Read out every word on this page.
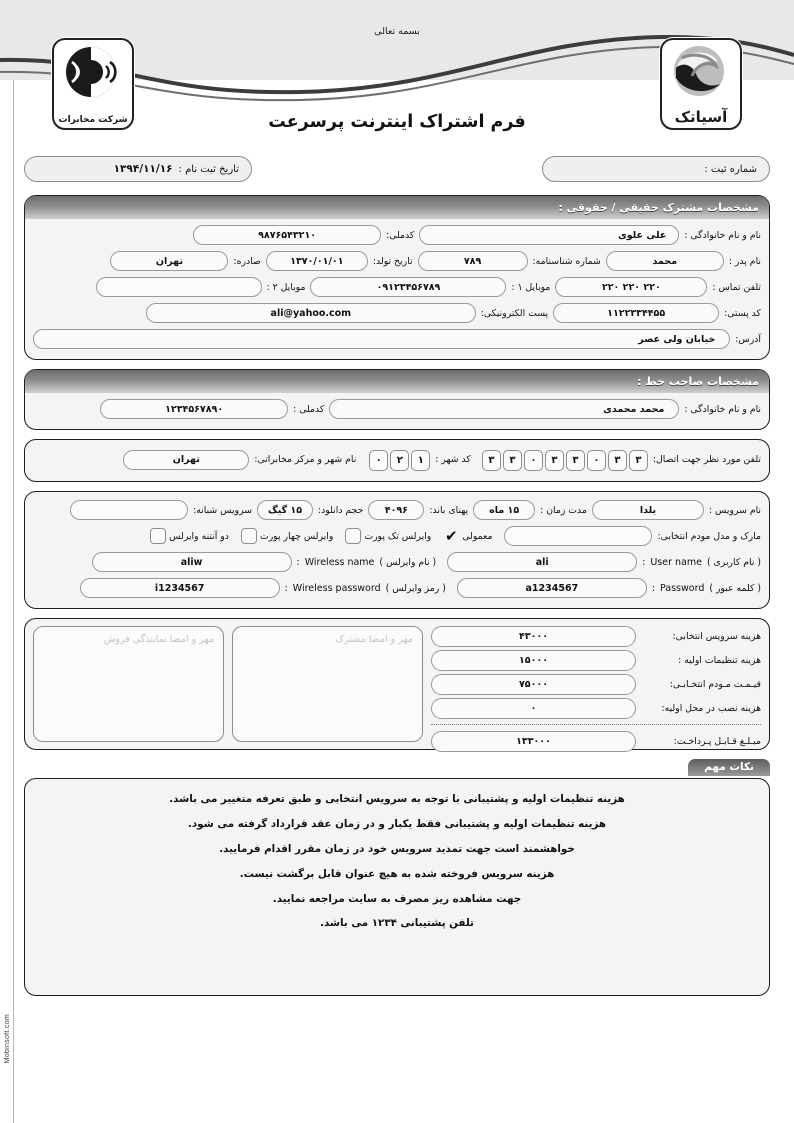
بسمه تعالی
شرکت مخابرات	آسیاتک
فرم اشتراک اینترنت پرسرعت
شماره ثبت :
تاریخ ثبت نام :
۱۳۹۴/۱۱/۱۶
مشخصات مشترک حقیقی / حقوقی :
نام و نام خانوادگی :
علی علوی
کدملی:
۹۸۷۶۵۴۳۲۱۰
نام پدر :
محمد
شماره شناسنامه:
۷۸۹
تاریخ تولد:
۱۳۷۰/۰۱/۰۱
صادره:
تهران
تلفن تماس :
۲۲۰ ۲۲۰ ۲۲۰
موبایل ۱ :
۰۹۱۲۳۴۵۶۷۸۹
موبایل ۲ :
کد پستی:
۱۱۲۲۳۳۴۴۵۵
پست الکترونیکی:
ali@yahoo.com
آدرس:
خیابان ولی عصر
مشخصات صاحب خط :
نام و نام خانوادگی :
محمد محمدی
کدملی :
۱۲۳۴۵۶۷۸۹۰
تلفن مورد نظر جهت اتصال:
۳۳۰۳۳۰۳۳
کد شهر :
۱۲۰
نام شهر و مرکز مخابراتی:
تهران
نام سرویس :
یلدا
مدت زمان :
۱۵ ماه
پهنای باند:
۴۰۹۶
حجم دانلود:
۱۵ گیگ
سرویس شبانه:
مارک و مدل مودم انتخابی:
معمولی
✔
وایرلس تک پورت
وایرلس چهار پورت
دو آنتنه وایرلس
( نام کاربری )
User name
:
ali
( نام وایرلس )
Wireless name
:
aliw
( کلمه عبور )
Password
:
a1234567
( رمز وایرلس )
Wireless password
:
i1234567
هزینه سرویس انتخابی:
۴۳۰۰۰
هزینه تنظیمات اولیه :
۱۵۰۰۰
قیـمـت مـودم انتخـابـی:
۷۵۰۰۰
هزینه نصب در محل اولیه:
۰
مبـلـغ قـابـل پـرداخـت:
۱۳۳۰۰۰
مهر و امضا مشترک
مهر و امضا نمایندگی فروش
نکات مهم

هزینه تنظیمات اولیه و پشتیبانی با توجه به سرویس انتخابی و طبق تعرفه متغییر می باشد.

هزینه تنظیمات اولیه و پشتیبانی فقط یکبار و در زمان عقد قرارداد گرفته می شود.

خواهشمند است جهت تمدید سرویس خود در زمان مقرر اقدام فرمایید.

هزینه سرویس فروخته شده به هیچ عنوان قابل برگشت نیست.

جهت مشاهده ریز مصرف به سایت مراجعه نمایید.

تلفن پشتیبانی ۱۲۳۴ می باشد.

Mobinsoft.com
